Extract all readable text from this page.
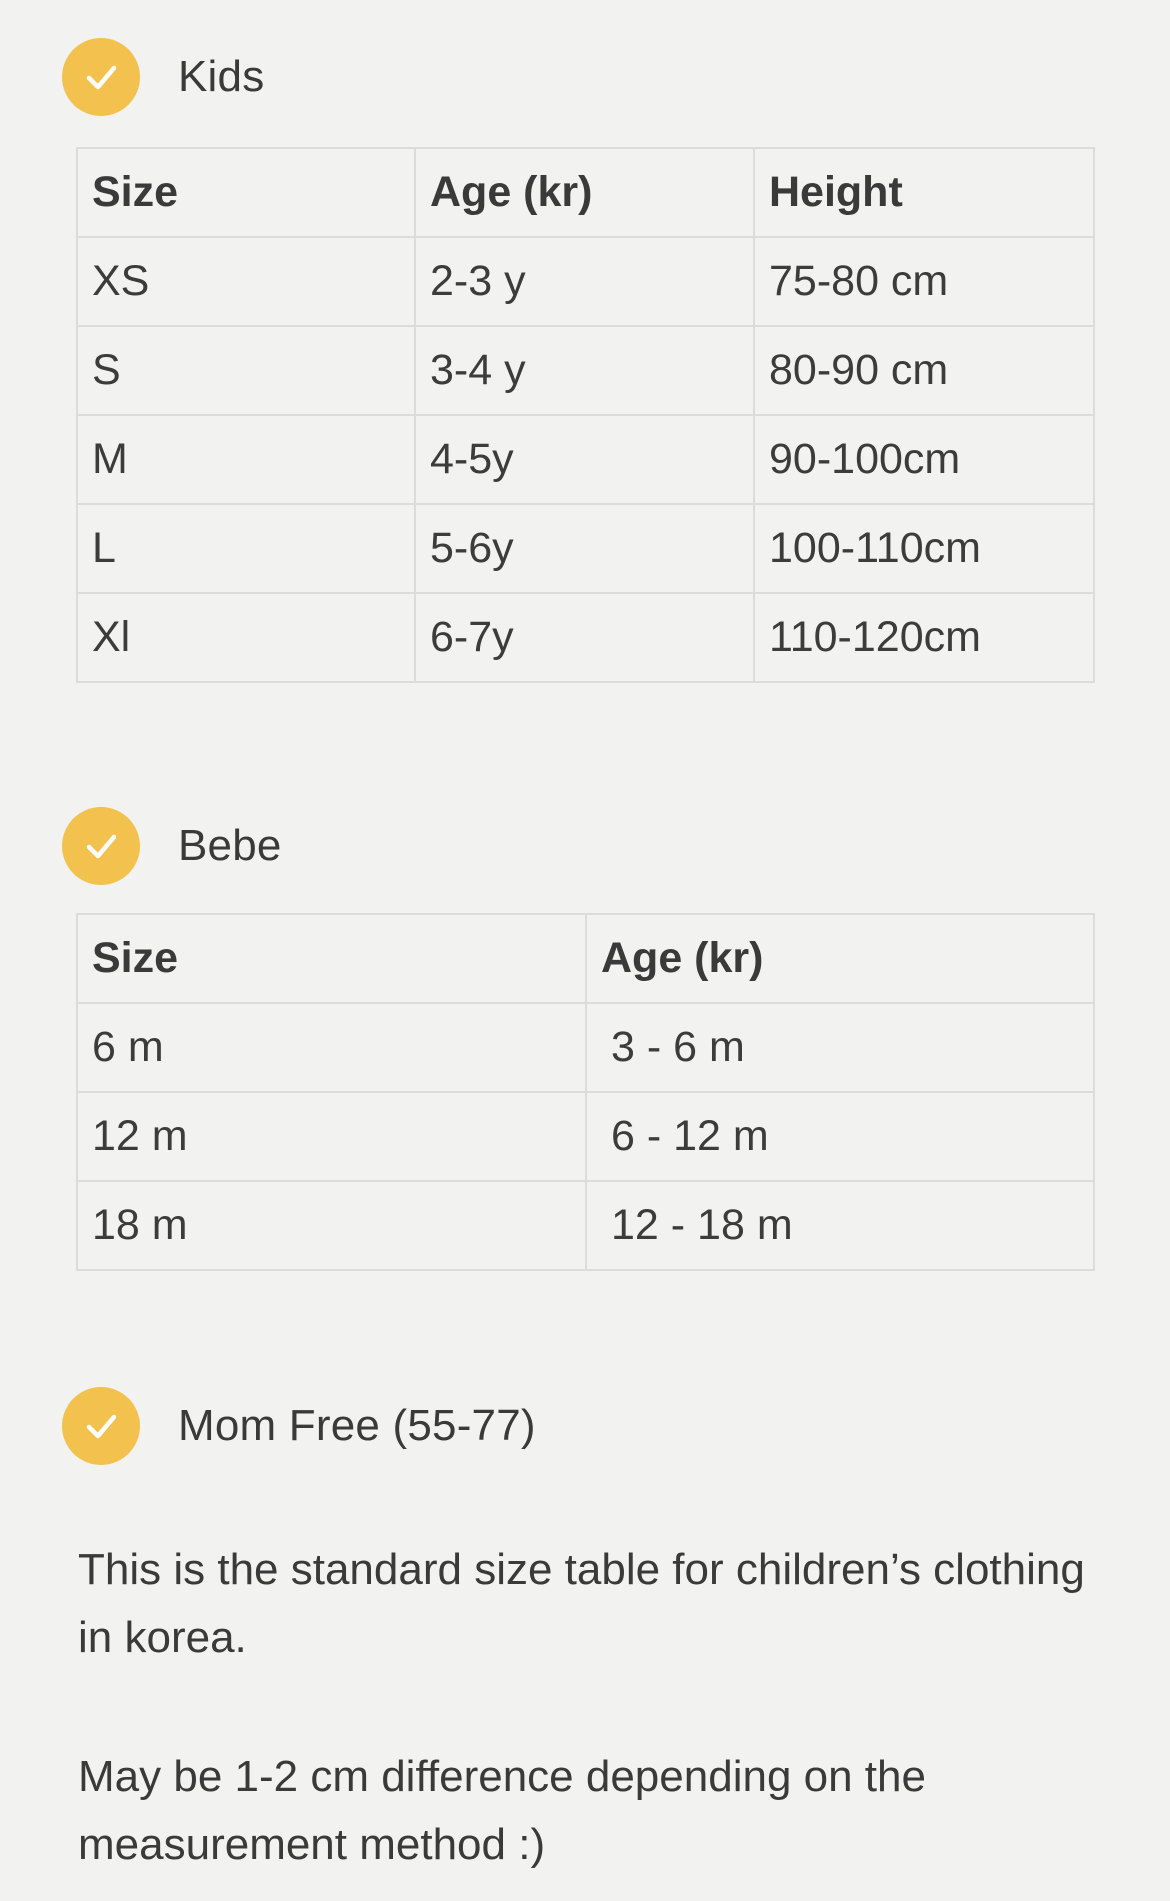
Kids
Size	Age (kr)	Height
XS	2-3 y	75-80 cm
S	3-4 y	80-90 cm
M	4-5y	90-100cm
L	5-6y	100-110cm
Xl	6-7y	110-120cm
Bebe
Size	Age (kr)
6 m	3 - 6 m
12 m	6 - 12 m
18 m	12 - 18 m
Mom Free (55-77)
This is the standard size table for children’s clothing in korea.
May be 1-2 cm difference depending on the measurement method :)
